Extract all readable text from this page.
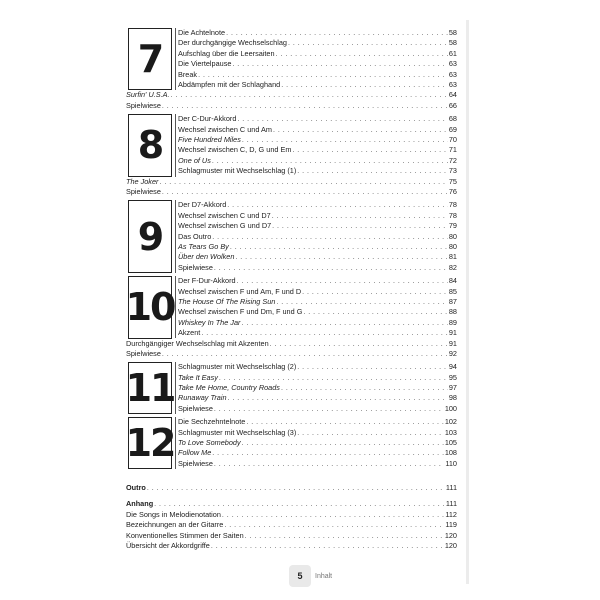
7
Die Achtelnote . . .	58
Der durchgängige Wechselschlag . . .	58
Aufschlag über die Leersaiten . . .	61
Die Viertelpause . . .	63
Break . . .	63
Abdämpfen mit der Schlaghand . . .	63
Surfin' U.S.A. . . .	64
Spielwiese . . .	66
8
Der C-Dur-Akkord . . .	68
Wechsel zwischen C und Am . . .	69
Five Hundred Miles . . .	70
Wechsel zwischen C, D, G und Em . . .	71
One of Us . . .	72
Schlagmuster mit Wechselschlag (1) . . .	73
The Joker . . .	75
Spielwiese . . .	76
9
Der D7-Akkord . . .	78
Wechsel zwischen C und D7 . . .	78
Wechsel zwischen G und D7 . . .	79
Das Outro . . .	80
As Tears Go By . . .	80
Über den Wolken . . .	81
Spielwiese . . .	82
10
Der F-Dur-Akkord . . .	84
Wechsel zwischen F und Am, F und D . . .	85
The House Of The Rising Sun . . .	87
Wechsel zwischen F und Dm, F und G . . .	88
Whiskey In The Jar . . .	89
Akzent . . .	91
Durchgängiger Wechselschlag mit Akzenten . . .	91
Spielwiese . . .	92
11 Schlagmuster mit Wechselschlag (2) . . .	94
Take It Easy . . .	95
Take Me Home, Country Roads . . .	97
Runaway Train . . .	98
Spielwiese . . .	100
12 Die Sechzehntelnote . . .	102
Schlagmuster mit Wechselschlag (3) . . .	103
To Love Somebody . . .	105
Follow Me . . .	108
Spielwiese . . .	110
Outro . . .	111
Anhang . . .	111
Die Songs in Melodienotation . . .	112
Bezeichnungen an der Gitarre . . .	119
Konventionelles Stimmen der Saiten . . .	120
Übersicht der Akkordgriffe . . .	120
5	Inhalt
